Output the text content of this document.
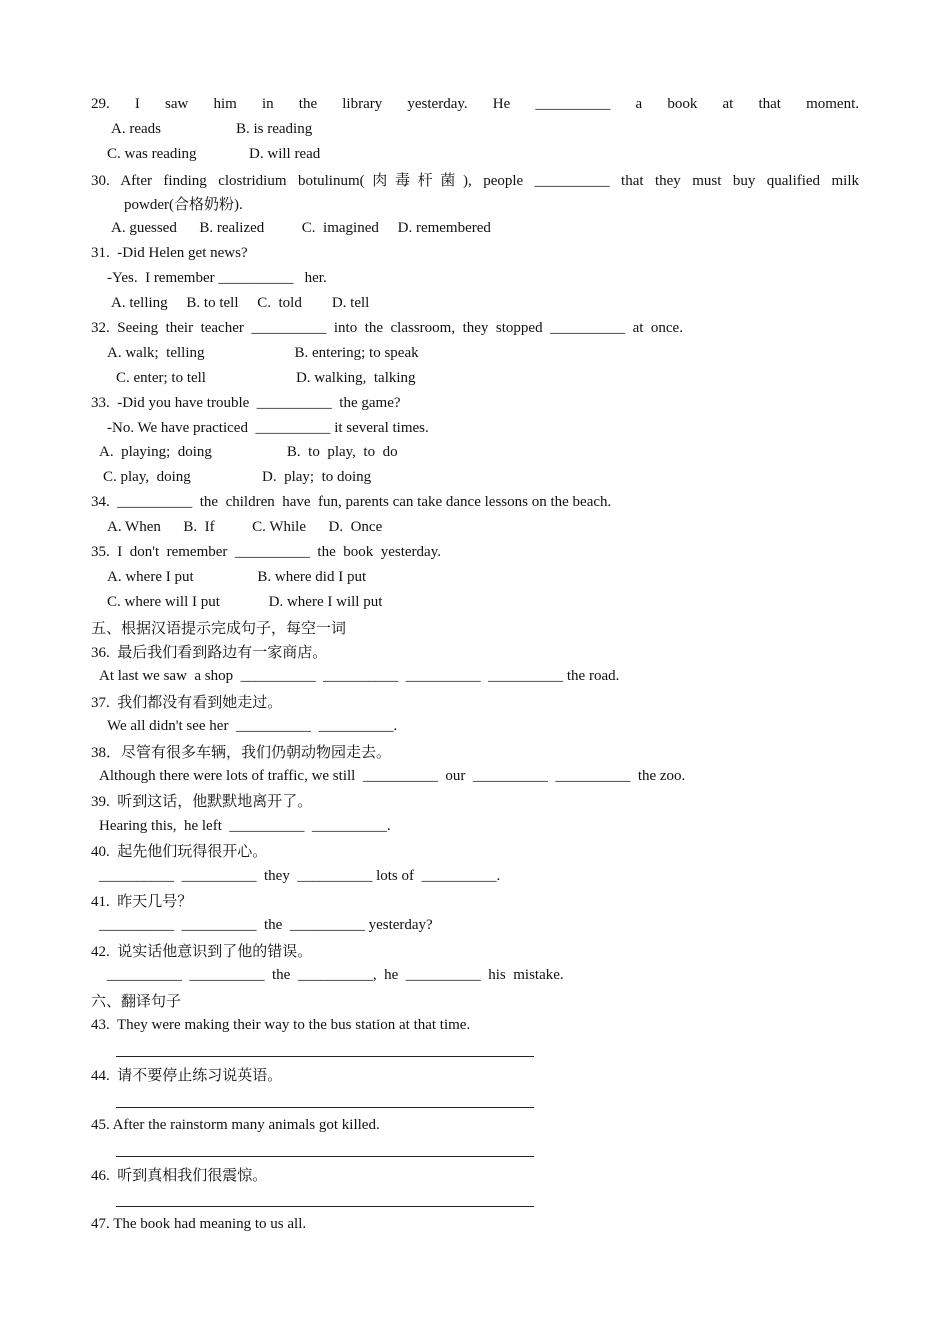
29. I saw him in the library yesterday. He __________ a book at that moment.
A. reads                    B. is reading
C. was reading              D. will read
30. After finding clostridium botulinum(肉毒杆菌), people __________ that they must buy qualified milk
powder(合格奶粉).
A. guessed      B. realized          C.  imagined     D. remembered
31.  -Did Helen get news?
-Yes.  I remember __________   her.
A. telling     B. to tell     C.  told        D. tell
32.  Seeing  their  teacher  __________  into  the  classroom,  they  stopped  __________  at  once.
A. walk;  telling                        B. entering; to speak
C. enter; to tell                        D. walking,  talking
33.  -Did you have trouble  __________  the game?
-No. We have practiced  __________ it several times.
A.  playing;  doing                    B.  to  play,  to  do
C. play,  doing                   D.  play;  to doing
34.  __________  the  children  have  fun, parents can take dance lessons on the beach.
A. When      B.  If          C. While      D.  Once
35.  I  don't  remember  __________  the  book  yesterday.
A. where I put                 B. where did I put
C. where will I put             D. where I will put
五、根据汉语提示完成句子，每空一词
36.  最后我们看到路边有一家商店。
At last we saw  a shop  __________  __________  __________  __________ the road.
37.  我们都没有看到她走过。
We all didn't see her  __________  __________.
38．尽管有很多车辆，我们仍朝动物园走去。
Although there were lots of traffic, we still  __________  our  __________  __________  the zoo.
39.  听到这话，他默默地离开了。
Hearing this,  he left  __________  __________.
40.  起先他们玩得很开心。
__________  __________  they  __________ lots of  __________.
41.  昨天几号？
__________  __________  the  __________ yesterday?
42.  说实话他意识到了他的错误。
__________  __________  the  __________,  he  __________  his  mistake.
六、翻译句子
43.  They were making their way to the bus station at that time.
44.  请不要停止练习说英语。
45. After the rainstorm many animals got killed.
46.  听到真相我们很震惊。
47. The book had meaning to us all.
